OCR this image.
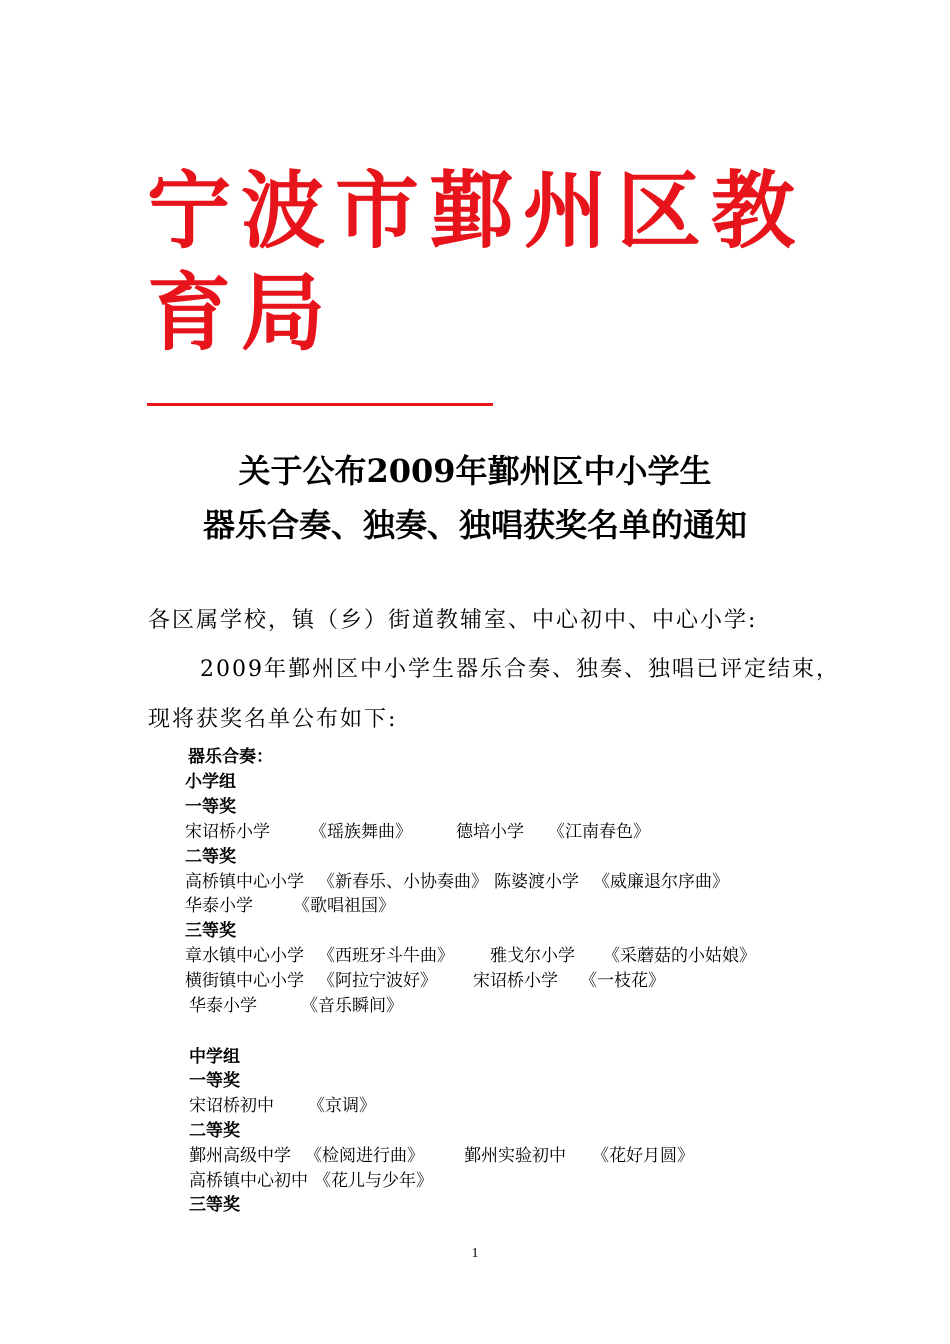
宁波市鄞州区教
育局
关于公布2009年鄞州区中小学生
器乐合奏、独奏、独唱获奖名单的通知
各区属学校，镇（乡）街道教辅室、中心初中、中心小学:
2009年鄞州区中小学生器乐合奏、独奏、独唱已评定结束，
现将获奖名单公布如下:
器乐合奏：
小学组
一等奖
宋诏桥小学 《瑶族舞曲》	德培小学 《江南春色》
二等奖
高桥镇中心小学 《新春乐、小协奏曲》 陈婆渡小学 《威廉退尔序曲》
华泰小学 《歌唱祖国》
三等奖
章水镇中心小学 《西班牙斗牛曲》 雅戈尔小学 《采蘑菇的小姑娘》
横街镇中心小学 《阿拉宁波好》 宋诏桥小学 《一枝花》
华泰小学	《音乐瞬间》
中学组
一等奖
宋诏桥初中 《京调》
二等奖
鄞州高级中学 《检阅进行曲》 鄞州实验初中 《花好月圆》
高桥镇中心初中 《花儿与少年》
三等奖
1
